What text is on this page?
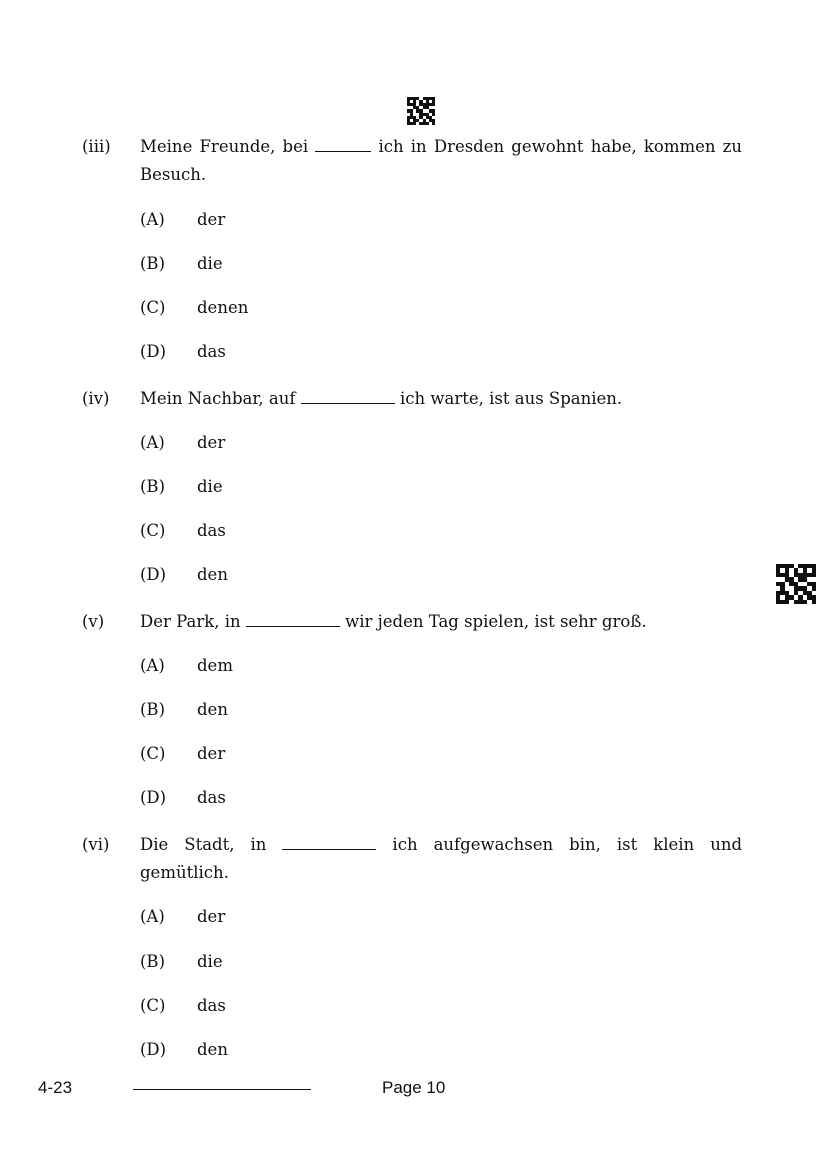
(iii) Meine Freunde, bei	ich in Dresden gewohnt habe, kommen zu Besuch.
(A) der
(B) die
(C) denen
(D) das
(iv) Mein Nachbar, auf	ich warte, ist aus Spanien.
(A) der
(B) die
(C) das
(D) den
(v) Der Park, in	wir jeden Tag spielen, ist sehr groß.
(A) dem
(B) den
(C) der
(D) das
(vi) Die Stadt, in	ich aufgewachsen bin, ist klein und
gemütlich.
(A) der
(B) die
(C) das
(D) den
4-23	Page 10
